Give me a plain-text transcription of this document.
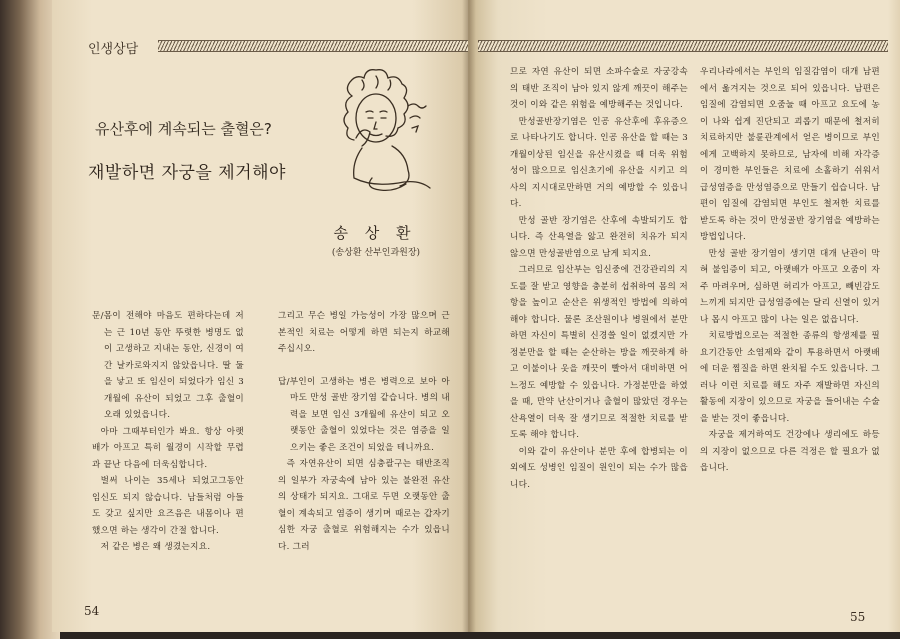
인생상담
유산후에 계속되는 출혈은?
재발하면 자궁을 제거해야
송 상 환
(송상환 산부인과원장)

문/몸이 전해야 마음도 편하다는데 저는 근 10년 동안 뚜렷한 병명도 없이 고생하고 지내는 동안, 신경이 여간 날카로와지지 않았읍니다. 딸 둘을 낳고 또 임신이 되었다가 임신 3개월에 유산이 되었고 그후 출혈이 오래 있었읍니다.

아마 그때부터인가 봐요. 항상 아랫배가 아프고 특히 월경이 시작할 무렵과 끝난 다음에 더욱심합니다.

벌써 나이는 35세나 되었고그동안 임신도 되지 않습니다. 남들처럼 아들도 갖고 싶지만 요즈음은 내몸이나 편했으면 하는 생각이 간절 합니다.

저 같은 병은 왜 생겼는지요.

그리고 무슨 병일 가능성이 가장 많으며 근본적인 치료는 어떻게 하면 되는지 하교해 주십시오.

답/부인이 고생하는 병은 병력으로 보아 아마도 만성 골반 장기염 같습니다. 병의 내력을 보면 임신 3개월에 유산이 되고 오랫동안 출혈이 있었다는 것은 염증을 일으키는 좋은 조건이 되었을 테니까요.

즉 자연유산이 되면 심충괄구는 태반조직의 일부가 자궁속에 남아 있는 불완전 유산의 상태가 되지요. 그대로 두면 오랫동안 출혈이 계속되고 염증이 생기며 때로는 갑자기 심한 자궁 출혈로 위험해지는 수가 있읍니다. 그러

므로 자연 유산이 되면 소파수술로 자궁강속의 태반 조직이 남아 있지 않게 깨끗이 해주는 것이 이와 같은 위험을 예방해주는 것입니다.

만성골반장기염은 인공 유산후에 후유증으로 나타나기도 합니다. 인공 유산을 할 때는 3개월이상된 임신을 유산시켰을 때 더욱 위험성이 많으므로 임신초기에 유산을 시키고 의사의 지시대로만하면 거의 예방할 수 있읍니다.

만성 골반 장기염은 산후에 속발되기도 합니다. 즉 산욕열을 앓고 완전히 치유가 되지 않으면 만성골반염으로 남게 되지요.

그러므로 임산부는 임신중에 건강관리의 지도를 잘 받고 영향을 충분히 섭취하여 몸의 저항을 높이고 순산은 위생적인 방법에 의하여 해야 합니다. 물론 조산원이나 병원에서 분만하면 자신이 특별히 신경쓸 일이 없겠지만 가정분만을 할 때는 순산하는 방을 깨끗하게 하고 이불이나 옷을 깨끗이 빨아서 대비하면 어느정도 예방할 수 있읍니다. 가정분만을 하였을 때, 만약 난산이거나 출혈이 많았던 경우는 산욕열이 더욱 잘 생기므로 적절한 치료를 받도록 해야 합니다.

이와 같이 유산이나 분만 후에 합병되는 이외에도 성병인 임질이 원인이 되는 수가 많읍니다.

우리나라에서는 부인의 임질감염이 대개 남편에서 옮겨지는 것으로 되어 있읍니다. 남편은 임질에 감염되면 오줌눌 때 아프고 요도에 농이 나와 쉽게 진단되고 괴롭기 때문에 철저히 치료하지만 불륜관계에서 얻은 병이므로 부인에게 고백하지 못하므로, 남자에 비해 자각증이 경미한 부인들은 치료에 소홀하기 쉬워서 급성염증을 만성염증으로 만들기 쉽습니다. 남편이 임질에 감염되면 부인도 철저한 치료를 받도록 하는 것이 만성골반 장기염을 예방하는 방법입니다.

만성 골반 장기염이 생기면 대개 난관이 막혀 불임증이 되고, 아랫배가 아프고 오줌이 자주 마려우며, 심하면 허리가 아프고, 빼빈감도 느끼게 되지만 급성염증에는 달리 신열이 있거나 몹시 아프고 많이 나는 일은 없읍니다.

치료방법으로는 적절한 종류의 항생제를 필요기간동안 소염제와 같이 투용하면서 아랫배에 더운 찜질을 하면 완치될 수도 있읍니다. 그러나 이런 치료를 해도 자주 재발하면 자신의 활동에 지장이 있으므로 자궁을 들어내는 수술을 받는 것이 좋읍니다.

자궁을 제거하여도 건강에나 생리에도 하등의 지장이 없으므로 다른 걱정은 할 필요가 없읍니다.

54	55
